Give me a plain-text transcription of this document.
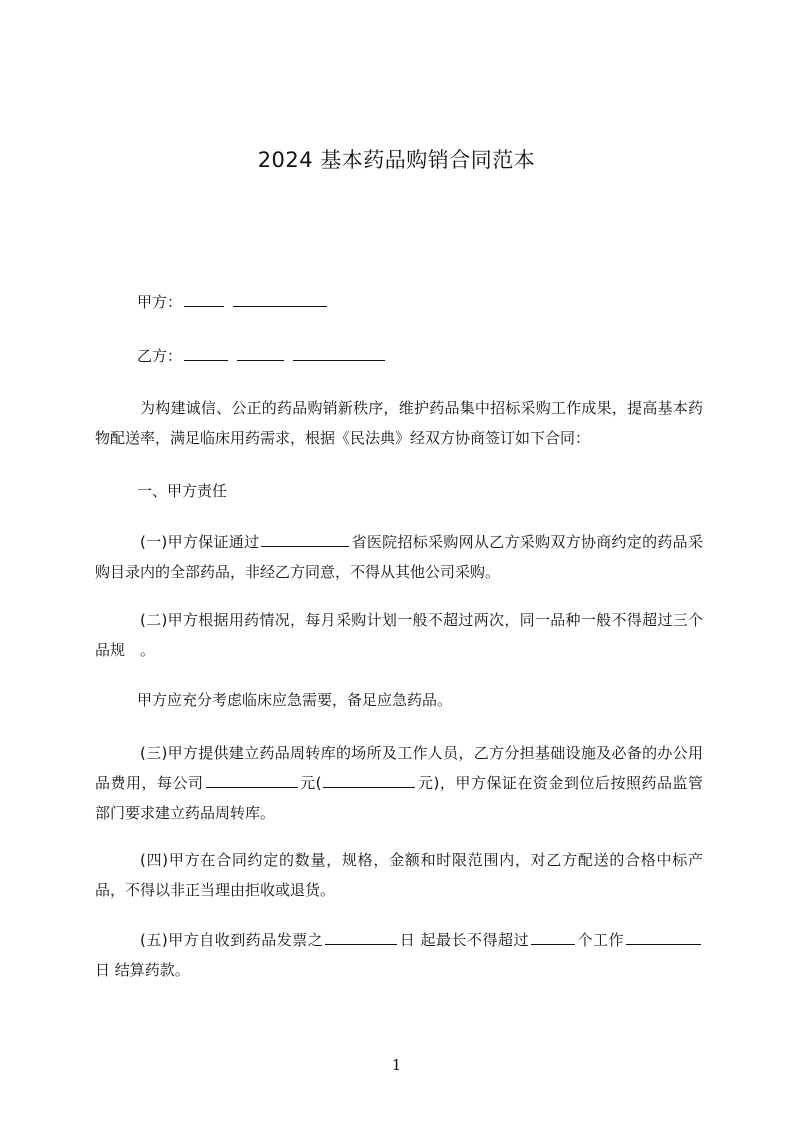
2024 基本药品购销合同范本
甲方：
乙方：
为构建诚信、公正的药品购销新秩序，维护药品集中招标采购工作成果，提高基本药物配送率，满足临床用药需求，根据《民法典》经双方协商签订如下合同：
一、甲方责任
(一)甲方保证通过	省医院招标采购网从乙方采购双方协商约定的药品采购目录内的全部药品，非经乙方同意，不得从其他公司采购。
(二)甲方根据用药情况，每月采购计划一般不超过两次，同一品种一般不得超过三个品规　。
甲方应充分考虑临床应急需要，备足应急药品。
(三)甲方提供建立药品周转库的场所及工作人员，乙方分担基础设施及必备的办公用品费用，每公司	元(	元)，甲方保证在资金到位后按照药品监管部门要求建立药品周转库。
(四)甲方在合同约定的数量，规格，金额和时限范围内，对乙方配送的合格中标产品，不得以非正当理由拒收或退货。
(五)甲方自收到药品发票之	日 起最长不得超过	个工作日 结算药款。
1
